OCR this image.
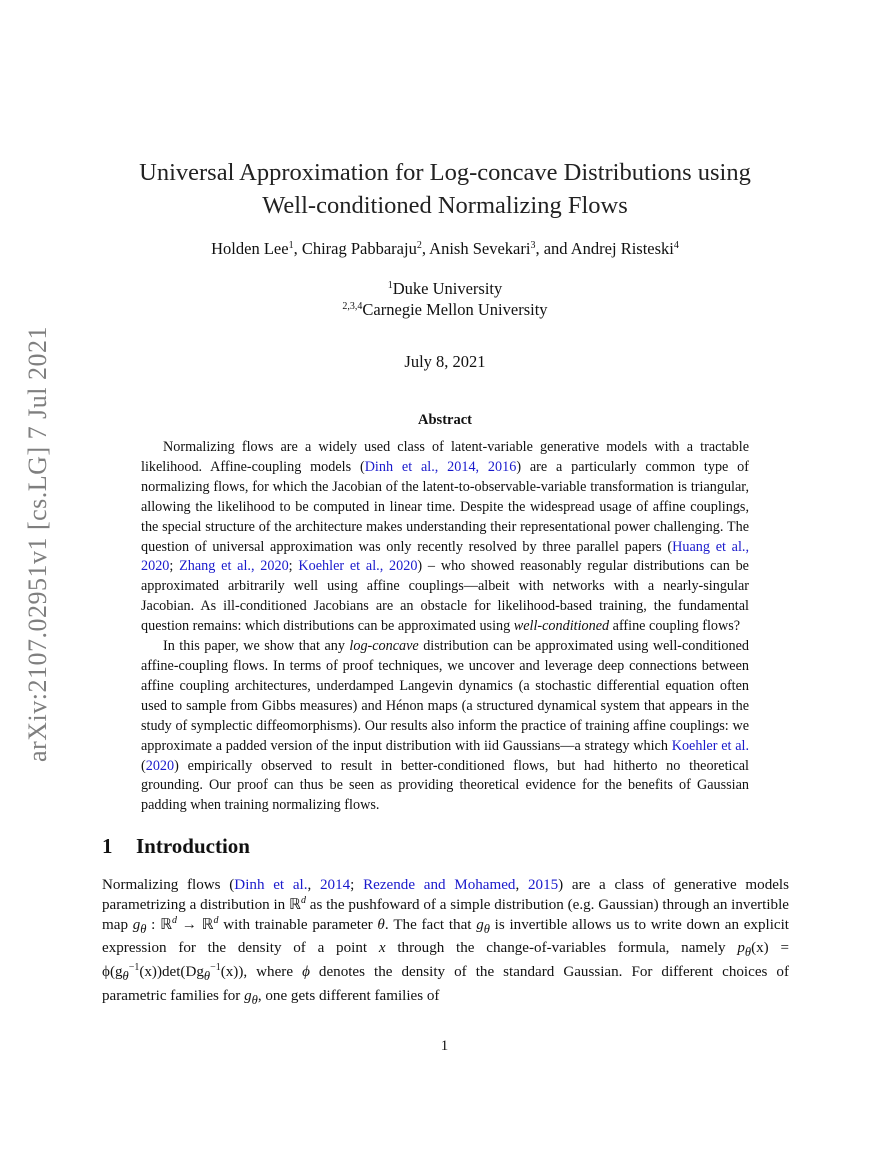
arXiv:2107.02951v1 [cs.LG] 7 Jul 2021
Universal Approximation for Log-concave Distributions using
Well-conditioned Normalizing Flows
Holden Lee$^1$, Chirag Pabbaraju$^2$, Anish Sevekari$^3$, and Andrej Risteski$^4$
$^1$Duke University
$^{2,3,4}$Carnegie Mellon University
July 8, 2021
Abstract

Normalizing flows are a widely used class of latent-variable generative models with a tractable likelihood. Affine-coupling models (Dinh et al., 2014, 2016) are a particularly common type of normalizing flows, for which the Jacobian of the latent-to-observable-variable transformation is triangular, allowing the likelihood to be computed in linear time. Despite the widespread usage of affine couplings, the special structure of the architecture makes understanding their representational power challenging. The question of universal approximation was only recently resolved by three parallel papers (Huang et al., 2020; Zhang et al., 2020; Koehler et al., 2020) – who showed reasonably regular distributions can be approximated arbitrarily well using affine couplings—albeit with networks with a nearly-singular Jacobian. As ill-conditioned Jacobians are an obstacle for likelihood-based training, the fundamental question remains: which distributions can be approximated using well-conditioned affine coupling flows?

In this paper, we show that any log-concave distribution can be approximated using well-conditioned affine-coupling flows. In terms of proof techniques, we uncover and leverage deep connections between affine coupling architectures, underdamped Langevin dynamics (a stochastic differential equation often used to sample from Gibbs measures) and Hénon maps (a structured dynamical system that appears in the study of symplectic diffeomorphisms). Our results also inform the practice of training affine couplings: we approximate a padded version of the input distribution with iid Gaussians—a strategy which Koehler et al. (2020) empirically observed to result in better-conditioned flows, but had hitherto no theoretical grounding. Our proof can thus be seen as providing theoretical evidence for the benefits of Gaussian padding when training normalizing flows.

1 Introduction

Normalizing flows (Dinh et al., 2014; Rezende and Mohamed, 2015) are a class of generative models parametrizing a distribution in ℝ$^d$ as the pushfoward of a simple distribution (e.g. Gaussian) through an invertible map $g_\theta$ : ℝ$^d$ → ℝ$^d$ with trainable parameter θ. The fact that $g_\theta$ is invertible allows us to write down an explicit expression for the density of a point x through the change-of-variables formula, namely $p_\theta(x) = \phi(g_\theta^{-1}(x))\det(Dg_\theta^{-1}(x))$, where ϕ denotes the density of the standard Gaussian. For different choices of parametric families for $g_\theta$, one gets different families of

1
